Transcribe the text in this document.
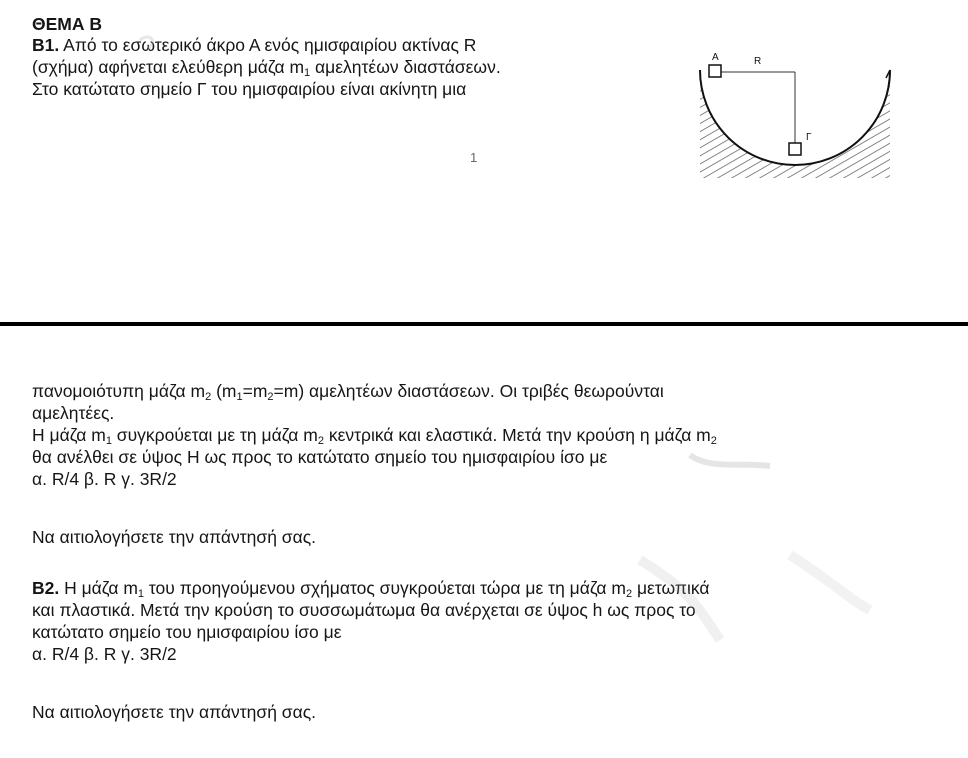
ΘΕΜΑ Β

Β1. Από το εσωτερικό άκρο Α ενός ημισφαιρίου ακτίνας R

(σχήμα) αφήνεται ελεύθερη μάζα $m_1$ αμελητέων διαστάσεων.

Στο κατώτατο σημείο Γ του ημισφαιρίου είναι ακίνητη μια

1
A	R
Γ

πανομοιότυπη μάζα $m_2$ $(m_1=m_2=m)$ αμελητέων διαστάσεων. Οι τριβές θεωρούνται

αμελητέες.

Η μάζα $m_1$ συγκρούεται με τη μάζα $m_2$ κεντρικά και ελαστικά. Μετά την κρούση η μάζα $m_2$

θα ανέλθει σε ύψος Η ως προς το κατώτατο σημείο του ημισφαιρίου ίσο με

α. R/4 β. R γ. 3R/2

Να αιτιολογήσετε την απάντησή σας.

Β2. Η μάζα $m_1$ του προηγούμενου σχήματος συγκρούεται τώρα με τη μάζα $m_2$ μετωπικά

και πλαστικά. Μετά την κρούση το συσσωμάτωμα θα ανέρχεται σε ύψος h ως προς το

κατώτατο σημείο του ημισφαιρίου ίσο με

α. R/4 β. R γ. 3R/2

Να αιτιολογήσετε την απάντησή σας.
